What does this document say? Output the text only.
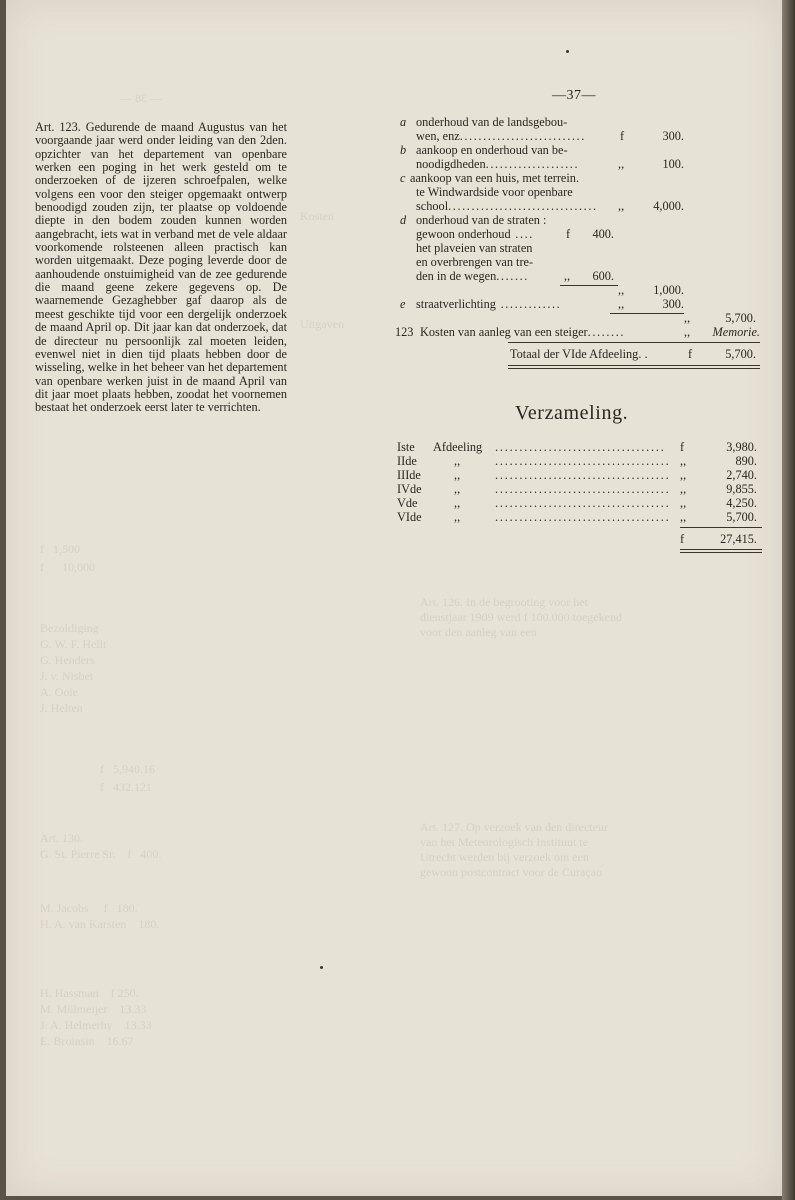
— 38 —
Kosten
Uitgaven
f   1,500
f      10,000
Bezoldiging
G. W. F. Hellt
G. Henders
J. v. Nisbet
A. Ooie
J. Helten
f   5,940.16
f   432.121
Art. 130.
G. St. Pierre Sr.    f   400.
M. Jacobs     f   180.
H. A. van Karsten    180.
H. Hassman    f 250.
M. Mülmeijer    13.33
J. A. Helmerhy    13.33
E. Broinsin    16.67
Art. 126. In de begrooting voor het
dienstjaar 1909 werd f 100.000 toegekend
voor den aanleg van een
Art. 127. Op verzoek van den directeur
van het Meteorologisch Instituut te
Utrecht werden bij verzoek om een
gewoon postcontract voor de Curaçao
—37—

Art. 123. Gedurende de maand Augustus van het voorgaande jaar werd onder leiding van den 2den. opzichter van het departement van openbare werken een poging in het werk gesteld om te onderzoeken of de ijzeren schroefpalen, welke volgens een voor den steiger opgemaakt ontwerp benoodigd zouden zijn, ter plaatse op voldoende diepte in den bodem zouden kunnen worden aangebracht, iets wat in verband met de vele aldaar voorkomende rolsteenen alleen practisch kan worden uitgemaakt. Deze poging leverde door de aanhoudende onstuimigheid van de zee gedurende die maand geene zekere gegevens op. De waarnemende Gezaghebber gaf daarop als de meest geschikte tijd voor een dergelijk onderzoek de maand April op. Dit jaar kan dat onderzoek, dat de directeur nu persoonlijk zal moeten leiden, evenwel niet in dien tijd plaats hebben door de wisseling, welke in het beheer van het departement van openbare werken juist in de maand April van dit jaar moet plaats hebben, zoodat het voornemen bestaat het onderzoek eerst later te verrichten.

a onderhoud van de landsgebou-
wen, enz...........................	f	300.
b aankoop en onderhoud van be-
noodigdheden....................	,,	100.
c aankoop van een huis, met terrein.
te Windwardside voor openbare
school................................ ,, 4,000.
d onderhoud van de straten :
gewoon onderhoud ....	f 400.
het plaveien van straten
en overbrengen van tre-
den in de wegen.......	,, 600.
,, 1,000.
e straatverlichting .............	,,	300.
,,	5,700.
123 Kosten van aanleg van een steiger........	,, Memorie.
Totaal der VIde Afdeeling. .	f	5,700.
Verzameling.
Iste Afdeeling ................................... f	3,980.
IIde	,,	.................................... ,,	890.
IIIde	,,	.................................... ,,	2,740.
IVde	,,	.................................... ,,	9,855.
Vde	,,	.................................... ,,	4,250.
VIde	,,	.................................... ,,	5,700.
f	27,415.
